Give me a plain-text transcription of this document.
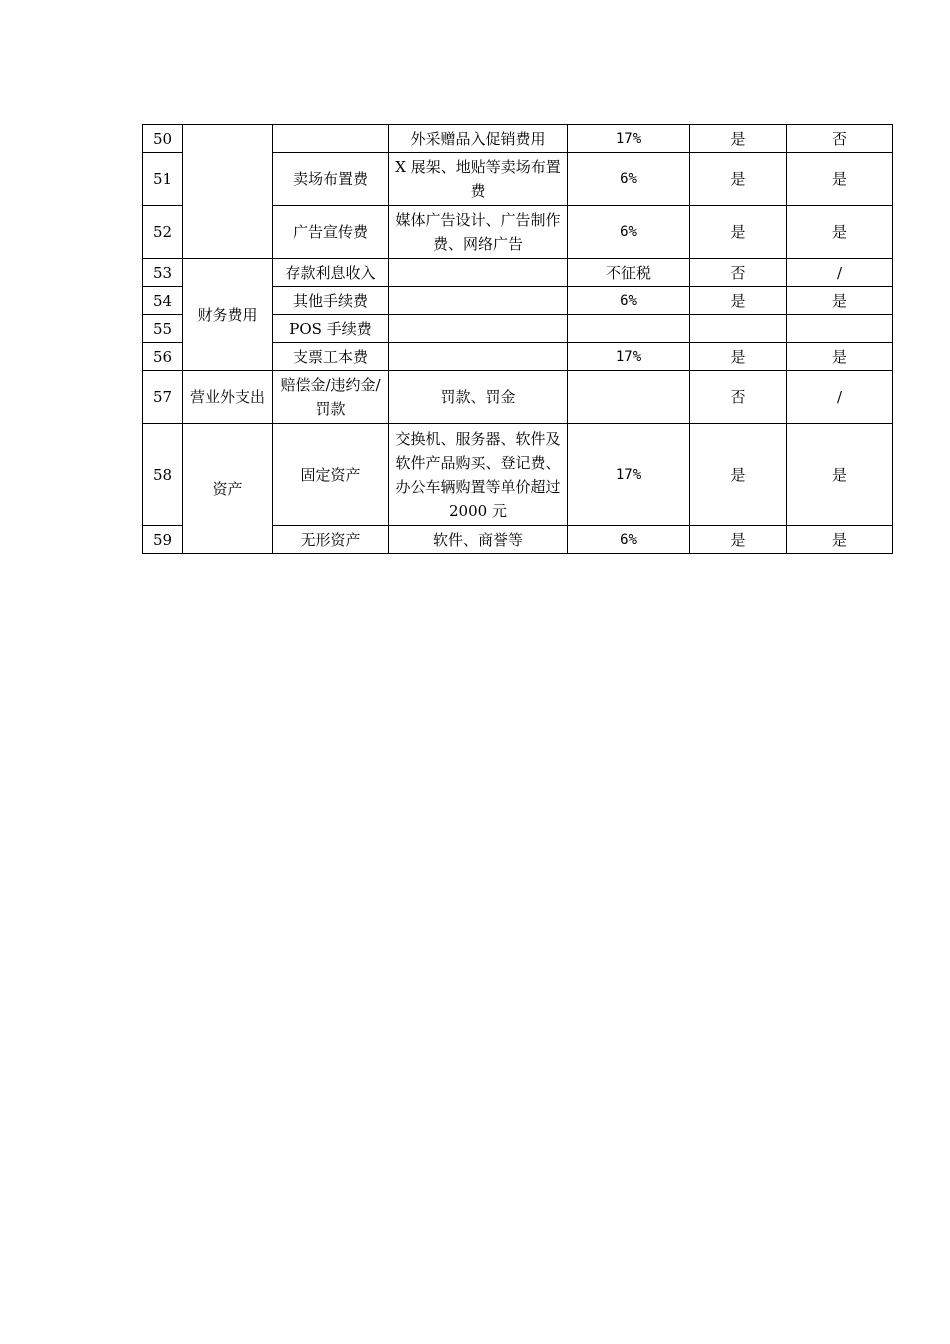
50			外采赠品入促销费用	17%	是	否
51		卖场布置费	X 展架、地贴等卖场布置费	6%	是	是
52		广告宣传费	媒体广告设计、广告制作费、网络广告	6%	是	是
53	财务费用	存款利息收入		不征税	否	/
54		其他手续费		6%	是	是
55		POS 手续费				
56		支票工本费		17%	是	是
57	营业外支出	赔偿金/违约金/罚款	罚款、罚金		否	/
58	资产	固定资产	交换机、服务器、软件及软件产品购买、登记费、办公车辆购置等单价超过 2000 元	17%	是	是
59		无形资产	软件、商誉等	6%	是	是
